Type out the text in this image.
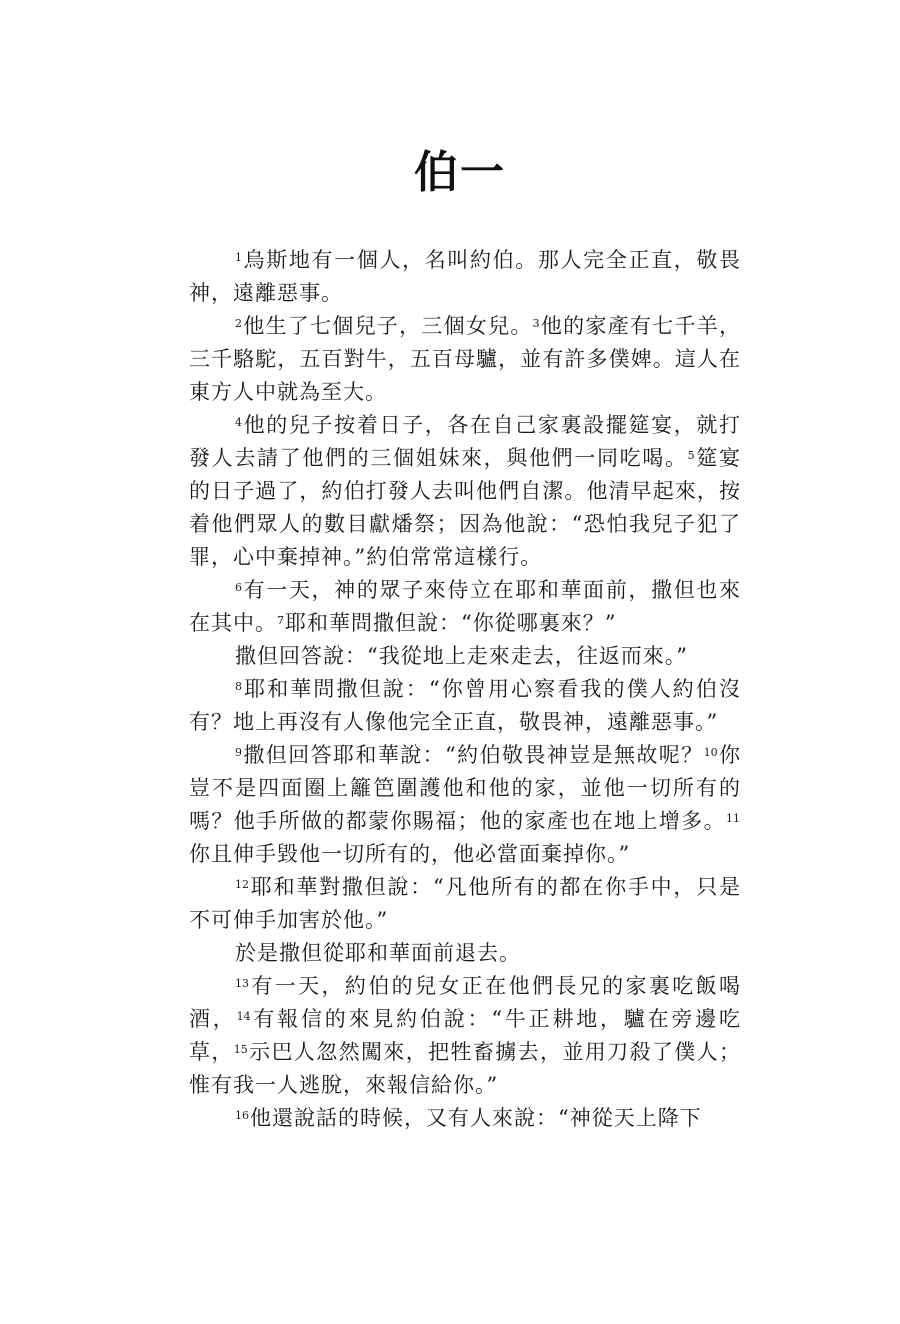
伯一

$^1$烏斯地有一個人，名叫約伯。那人完全正直，敬畏神，遠離惡事。

$^2$他生了七個兒子，三個女兒。$^3$他的家產有七千羊，三千駱駝，五百對牛，五百母驢，並有許多僕婢。這人在東方人中就為至大。

$^4$他的兒子按着日子，各在自己家裏設擺筵宴，就打發人去請了他們的三個姐妹來，與他們一同吃喝。$^5$筵宴的日子過了，約伯打發人去叫他們自潔。他清早起來，按着他們眾人的數目獻燔祭；因為他說：“恐怕我兒子犯了罪，心中棄掉神。”約伯常常這樣行。

$^6$有一天，神的眾子來侍立在耶和華面前，撒但也來在其中。$^7$耶和華問撒但說：“你從哪裏來？”

撒但回答說：“我從地上走來走去，往返而來。”

$^8$耶和華問撒但說：“你曾用心察看我的僕人約伯沒有？地上再沒有人像他完全正直，敬畏神，遠離惡事。”

$^9$撒但回答耶和華說：“約伯敬畏神豈是無故呢？$^{10}$你豈不是四面圈上籬笆圍護他和他的家，並他一切所有的嗎？他手所做的都蒙你賜福；他的家產也在地上增多。$^{11}$你且伸手毀他一切所有的，他必當面棄掉你。”

$^{12}$耶和華對撒但說：“凡他所有的都在你手中，只是不可伸手加害於他。”

於是撒但從耶和華面前退去。

$^{13}$有一天，約伯的兒女正在他們長兄的家裏吃飯喝酒，$^{14}$有報信的來見約伯說：“牛正耕地，驢在旁邊吃草，$^{15}$示巴人忽然闖來，把牲畜擄去，並用刀殺了僕人；惟有我一人逃脫，來報信給你。”

$^{16}$他還說話的時候，又有人來說：“神從天上降下
